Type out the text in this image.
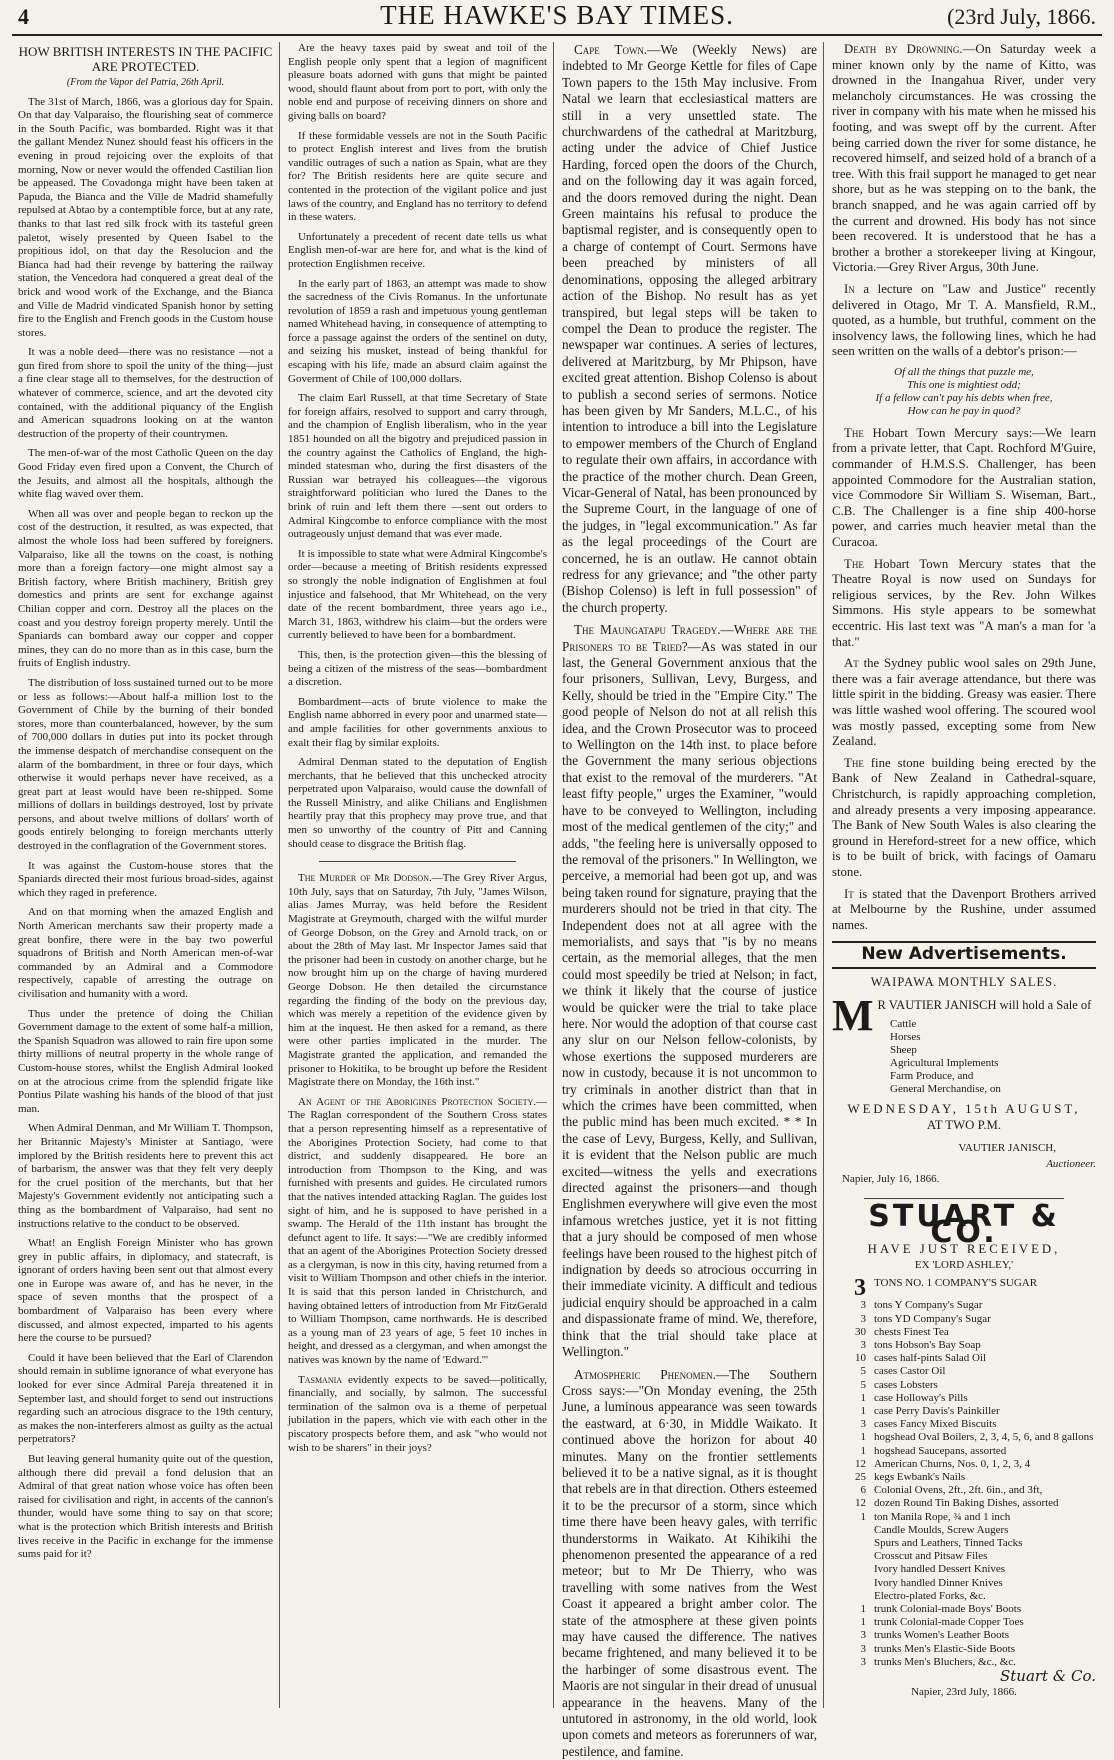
4	THE HAWKE'S BAY TIMES.	(23rd July, 1866.
HOW BRITISH INTERESTS IN THE PACIFIC ARE PROTECTED.
(From the Vapor del Patria, 26th April.

The 31st of March, 1866, was a glorious day for Spain. On that day Valparaiso, the flourishing seat of commerce in the South Pacific, was bombarded. Right was it that the gallant Mendez Nunez should feast his officers in the evening in proud rejoicing over the exploits of that morning, Now or never would the offended Castilian lion be appeased. The Covadonga might have been taken at Papuda, the Bianca and the Ville de Madrid shamefully repulsed at Abtao by a contemptible force, but at any rate, thanks to that last red silk frock with its tasteful green paletot, wisely presented by Queen Isabel to the propitious idol, on that day the Resolucion and the Bianca had had their revenge by battering the railway station, the Vencedora had conquered a great deal of the brick and wood work of the Exchange, and the Bianca and Ville de Madrid vindicated Spanish honor by setting fire to the English and French goods in the Custom house stores.

It was a noble deed—there was no resistance —not a gun fired from shore to spoil the unity of the thing—just a fine clear stage all to themselves, for the destruction of whatever of commerce, science, and art the devoted city contained, with the additional piquancy of the English and American squadrons looking on at the wanton destruction of the property of their countrymen.

The men-of-war of the most Catholic Queen on the day Good Friday even fired upon a Convent, the Church of the Jesuits, and almost all the hospitals, although the white flag waved over them.

When all was over and people began to reckon up the cost of the destruction, it resulted, as was expected, that almost the whole loss had been suffered by foreigners. Valparaiso, like all the towns on the coast, is nothing more than a foreign factory—one might almost say a British factory, where British machinery, British grey domestics and prints are sent for exchange against Chilian copper and corn. Destroy all the places on the coast and you destroy foreign property merely. Until the Spaniards can bombard away our copper and copper mines, they can do no more than as in this case, burn the fruits of English industry.

The distribution of loss sustained turned out to be more or less as follows:—About half-a million lost to the Government of Chile by the burning of their bonded stores, more than counterbalanced, however, by the sum of 700,000 dollars in duties put into its pocket through the immense despatch of merchandise consequent on the alarm of the bombardment, in three or four days, which otherwise it would perhaps never have received, as a great part at least would have been re-shipped. Some millions of dollars in buildings destroyed, lost by private persons, and about twelve millions of dollars' worth of goods entirely belonging to foreign merchants utterly destroyed in the conflagration of the Government stores.

It was against the Custom-house stores that the Spaniards directed their most furious broad-sides, against which they raged in preference.

And on that morning when the amazed English and North American merchants saw their property made a great bonfire, there were in the bay two powerful squadrons of British and North American men-of-war commanded by an Admiral and a Commodore respectively, capable of arresting the outrage on civilisation and humanity with a word.

Thus under the pretence of doing the Chilian Government damage to the extent of some half-a million, the Spanish Squadron was allowed to rain fire upon some thirty millions of neutral property in the whole range of Custom-house stores, whilst the English Admiral looked on at the atrocious crime from the splendid frigate like Pontius Pilate washing his hands of the blood of that just man.

When Admiral Denman, and Mr William T. Thompson, her Britannic Majesty's Minister at Santiago, were implored by the British residents here to prevent this act of barbarism, the answer was that they felt very deeply for the cruel position of the merchants, but that her Majesty's Government evidently not anticipating such a thing as the bombardment of Valparaiso, had sent no instructions relative to the conduct to be observed.

What! an English Foreign Minister who has grown grey in public affairs, in diplomacy, and statecraft, is ignorant of orders having been sent out that almost every one in Europe was aware of, and has he never, in the space of seven months that the prospect of a bombardment of Valparaiso has been every where discussed, and almost expected, imparted to his agents here the course to be pursued?

Could it have been believed that the Earl of Clarendon should remain in sublime ignorance of what everyone has looked for ever since Admiral Pareja threatened it in September last, and should forget to send out instructions regarding such an atrocious disgrace to the 19th century, as makes the non-interferers almost as guilty as the actual perpetrators?

But leaving general humanity quite out of the question, although there did prevail a fond delusion that an Admiral of that great nation whose voice has often been raised for civilisation and right, in accents of the cannon's thunder, would have some thing to say on that score; what is the protection which British interests and British lives receive in the Pacific in exchange for the immense sums paid for it?

Are the heavy taxes paid by sweat and toil of the English people only spent that a legion of magnificent pleasure boats adorned with guns that might be painted wood, should flaunt about from port to port, with only the noble end and purpose of receiving dinners on shore and giving balls on board?

If these formidable vessels are not in the South Pacific to protect English interest and lives from the brutish vandilic outrages of such a nation as Spain, what are they for? The British residents here are quite secure and contented in the protection of the vigilant police and just laws of the country, and England has no territory to defend in these waters.

Unfortunately a precedent of recent date tells us what English men-of-war are here for, and what is the kind of protection Englishmen receive.

In the early part of 1863, an attempt was made to show the sacredness of the Civis Romanus. In the unfortunate revolution of 1859 a rash and impetuous young gentleman named Whitehead having, in consequence of attempting to force a passage against the orders of the sentinel on duty, and seizing his musket, instead of being thankful for escaping with his life, made an absurd claim against the Goverment of Chile of 100,000 dollars.

The claim Earl Russell, at that time Secretary of State for foreign affairs, resolved to support and carry through, and the champion of English liberalism, who in the year 1851 hounded on all the bigotry and prejudiced passion in the country against the Catholics of England, the high-minded statesman who, during the first disasters of the Russian war betrayed his colleagues—the vigorous straightforward politician who lured the Danes to the brink of ruin and left them there —sent out orders to Admiral Kingcombe to enforce compliance with the most outrageously unjust demand that was ever made.

It is impossible to state what were Admiral Kingcombe's order—because a meeting of British residents expressed so strongly the noble indignation of Englishmen at foul injustice and falsehood, that Mr Whitehead, on the very date of the recent bombardment, three years ago i.e., March 31, 1863, withdrew his claim—but the orders were currently believed to have been for a bombardment.

This, then, is the protection given—this the blessing of being a citizen of the mistress of the seas—bombardment a discretion.

Bombardment—acts of brute violence to make the English name abhorred in every poor and unarmed state—and ample facilities for other governments anxious to exalt their flag by similar exploits.

Admiral Denman stated to the deputation of English merchants, that he believed that this unchecked atrocity perpetrated upon Valparaiso, would cause the downfall of the Russell Ministry, and alike Chilians and Englishmen heartily pray that this prophecy may prove true, and that men so unworthy of the country of Pitt and Canning should cease to disgrace the British flag.

The Murder of Mr Dodson.—The Grey River Argus, 10th July, says that on Saturday, 7th July, "James Wilson, alias James Murray, was held before the Resident Magistrate at Greymouth, charged with the wilful murder of George Dobson, on the Grey and Arnold track, on or about the 28th of May last. Mr Inspector James said that the prisoner had been in custody on another charge, but he now brought him up on the charge of having murdered George Dobson. He then detailed the circumstance regarding the finding of the body on the previous day, which was merely a repetition of the evidence given by him at the inquest. He then asked for a remand, as there were other parties implicated in the murder. The Magistrate granted the application, and remanded the prisoner to Hokitika, to be brought up before the Resident Magistrate there on Monday, the 16th inst."

An Agent of the Aborigines Protection Society.—The Raglan correspondent of the Southern Cross states that a person representing himself as a representative of the Aborigines Protection Society, had come to that district, and suddenly disappeared. He bore an introduction from Thompson to the King, and was furnished with presents and guides. He circulated rumors that the natives intended attacking Raglan. The guides lost sight of him, and he is supposed to have perished in a swamp. The Herald of the 11th instant has brought the defunct agent to life. It says:—"We are credibly informed that an agent of the Aborigines Protection Society dressed as a clergyman, is now in this city, having returned from a visit to William Thompson and other chiefs in the interior. It is said that this person landed in Christchurch, and having obtained letters of introduction from Mr FitzGerald to William Thompson, came northwards. He is described as a young man of 23 years of age, 5 feet 10 inches in height, and dressed as a clergyman, and when amongst the natives was known by the name of 'Edward.'"

Tasmania evidently expects to be saved—politically, financially, and socially, by salmon. The successful termination of the salmon ova is a theme of perpetual jubilation in the papers, which vie with each other in the piscatory prospects before them, and ask "who would not wish to be sharers" in their joys?

Cape Town.—We (Weekly News) are indebted to Mr George Kettle for files of Cape Town papers to the 15th May inclusive. From Natal we learn that ecclesiastical matters are still in a very unsettled state. The churchwardens of the cathedral at Maritzburg, acting under the advice of Chief Justice Harding, forced open the doors of the Church, and on the following day it was again forced, and the doors removed during the night. Dean Green maintains his refusal to produce the baptismal register, and is consequently open to a charge of contempt of Court. Sermons have been preached by ministers of all denominations, opposing the alleged arbitrary action of the Bishop. No result has as yet transpired, but legal steps will be taken to compel the Dean to produce the register. The newspaper war continues. A series of lectures, delivered at Maritzburg, by Mr Phipson, have excited great attention. Bishop Colenso is about to publish a second series of sermons. Notice has been given by Mr Sanders, M.L.C., of his intention to introduce a bill into the Legislature to empower members of the Church of England to regulate their own affairs, in accordance with the practice of the mother church. Dean Green, Vicar-General of Natal, has been pronounced by the Supreme Court, in the language of one of the judges, in "legal excommunication." As far as the legal proceedings of the Court are concerned, he is an outlaw. He cannot obtain redress for any grievance; and "the other party (Bishop Colenso) is left in full possession" of the church property.

The Maungatapu Tragedy.—Where are the Prisoners to be Tried?—As was stated in our last, the General Government anxious that the four prisoners, Sullivan, Levy, Burgess, and Kelly, should be tried in the "Empire City." The good people of Nelson do not at all relish this idea, and the Crown Prosecutor was to proceed to Wellington on the 14th inst. to place before the Government the many serious objections that exist to the removal of the murderers. "At least fifty people," urges the Examiner, "would have to be conveyed to Wellington, including most of the medical gentlemen of the city;" and adds, "the feeling here is universally opposed to the removal of the prisoners." In Wellington, we perceive, a memorial had been got up, and was being taken round for signature, praying that the murderers should not be tried in that city. The Independent does not at all agree with the memorialists, and says that "is by no means certain, as the memorial alleges, that the men could most speedily be tried at Nelson; in fact, we think it likely that the course of justice would be quicker were the trial to take place here. Nor would the adoption of that course cast any slur on our Nelson fellow-colonists, by whose exertions the supposed murderers are now in custody, because it is not uncommon to try criminals in another district than that in which the crimes have been committed, when the public mind has been much excited. * * In the case of Levy, Burgess, Kelly, and Sullivan, it is evident that the Nelson public are much excited—witness the yells and execrations directed against the prisoners—and though Englishmen everywhere will give even the most infamous wretches justice, yet it is not fitting that a jury should be composed of men whose feelings have been roused to the highest pitch of indignation by deeds so atrocious occurring in their immediate vicinity. A difficult and tedious judicial enquiry should be approached in a calm and dispassionate frame of mind. We, therefore, think that the trial should take place at Wellington."

Atmospheric Phenomen.—The Southern Cross says:—"On Monday evening, the 25th June, a luminous appearance was seen towards the eastward, at 6·30, in Middle Waikato. It continued above the horizon for about 40 minutes. Many on the frontier settlements believed it to be a native signal, as it is thought that rebels are in that direction. Others esteemed it to be the precursor of a storm, since which time there have been heavy gales, with terrific thunderstorms in Waikato. At Kihikihi the phenomenon presented the appearance of a red meteor; but to Mr De Thierry, who was travelling with some natives from the West Coast it appeared a bright amber color. The state of the atmosphere at these given points may have caused the difference. The natives became frightened, and many believed it to be the harbinger of some disastrous event. The Maoris are not singular in their dread of unusual appearance in the heavens. Many of the untutored in astronomy, in the old world, look upon comets and meteors as forerunners of war, pestilence, and famine.

Death by Drowning.—On Saturday week a miner known only by the name of Kitto, was drowned in the Inangahua River, under very melancholy circumstances. He was crossing the river in company with his mate when he missed his footing, and was swept off by the current. After being carried down the river for some distance, he recovered himself, and seized hold of a branch of a tree. With this frail support he managed to get near shore, but as he was stepping on to the bank, the branch snapped, and he was again carried off by the current and drowned. His body has not since been recovered. It is understood that he has a brother a brother a storekeeper living at Kingour, Victoria.—Grey River Argus, 30th June.

In a lecture on "Law and Justice" recently delivered in Otago, Mr T. A. Mansfield, R.M., quoted, as a humble, but truthful, comment on the insolvency laws, the following lines, which he had seen written on the walls of a debtor's prison:—

Of all the things that puzzle me,
This one is mightiest odd;
If a fellow can't pay his debts when free,
How can he pay in quod?

The Hobart Town Mercury says:—We learn from a private letter, that Capt. Rochford M'Guire, commander of H.M.S.S. Challenger, has been appointed Commodore for the Australian station, vice Commodore Sir William S. Wiseman, Bart., C.B. The Challenger is a fine ship 400-horse power, and carries much heavier metal than the Curacoa.

The Hobart Town Mercury states that the Theatre Royal is now used on Sundays for religious services, by the Rev. John Wilkes Simmons. His style appears to be somewhat eccentric. His last text was "A man's a man for 'a that."

At the Sydney public wool sales on 29th June, there was a fair average attendance, but there was little spirit in the bidding. Greasy was easier. There was little washed wool offering. The scoured wool was mostly passed, excepting some from New Zealand.

The fine stone building being erected by the Bank of New Zealand in Cathedral-square, Christchurch, is rapidly approaching completion, and already presents a very imposing appearance. The Bank of New South Wales is also clearing the ground in Hereford-street for a new office, which is to be built of brick, with facings of Oamaru stone.

It is stated that the Davenport Brothers arrived at Melbourne by the Rushine, under assumed names.

New Advertisements.
WAIPAWA MONTHLY SALES.
M R VAUTIER JANISCH will hold a Sale of
Cattle
Horses
Sheep
Agricultural Implements
Farm Produce, and
General Merchandise, on
WEDNESDAY, 15th AUGUST,
AT TWO P.M.
VAUTIER JANISCH,
Auctioneer.
Napier, July 16, 1866.
STUART & CO.
HAVE JUST RECEIVED,
EX 'LORD ASHLEY,'
3 TONS NO. 1 COMPANY'S SUGAR
3 tons Y Company's Sugar
3 tons YD Company's Sugar
30 chests Finest Tea
3 tons Hobson's Bay Soap
10 cases half-pints Salad Oil
5 cases Castor Oil
5 cases Lobsters
1 case Holloway's Pills
1 case Perry Davis's Painkiller
3 cases Fancy Mixed Biscuits
1 hogshead Oval Boilers, 2, 3, 4, 5, 6, and 8 gallons
1 hogshead Saucepans, assorted
12 American Churns, Nos. 0, 1, 2, 3, 4
25 kegs Ewbank's Nails
6 Colonial Ovens, 2ft., 2ft. 6in., and 3ft,
12 dozen Round Tin Baking Dishes, assorted
1 ton Manila Rope, ¾ and 1 inch
Candle Moulds, Screw Augers
Spurs and Leathers, Tinned Tacks
Crosscut and Pitsaw Files
Ivory handled Dessert Knives
Ivory handled Dinner Knives
Electro-plated Forks, &c.
1 trunk Colonial-made Boys' Boots
1 trunk Colonial-made Copper Toes
3 trunks Women's Leather Boots
3 trunks Men's Elastic-Side Boots
3 trunks Men's Bluchers, &c., &c.
Stuart & Co.
Napier, 23rd July, 1866.
